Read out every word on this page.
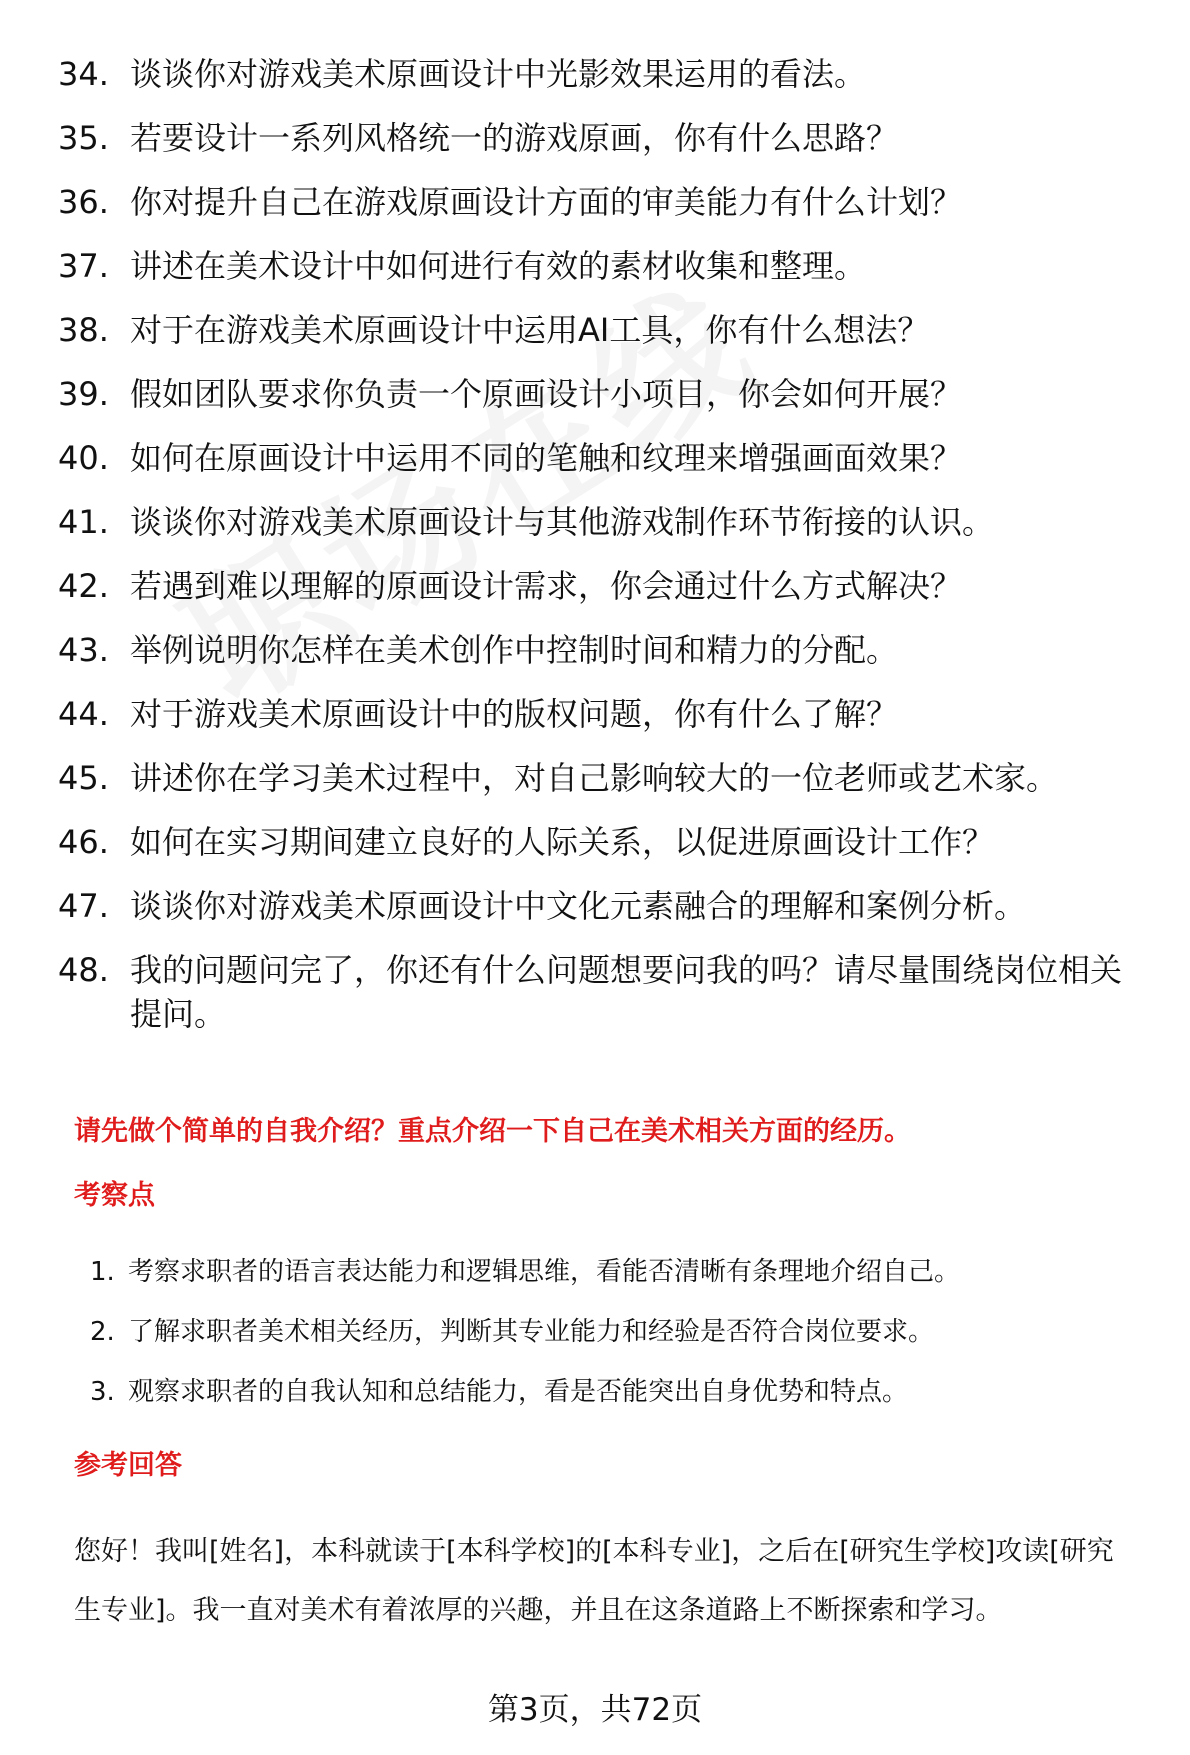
34. 谈谈你对游戏美术原画设计中光影效果运用的看法。
35. 若要设计一系列风格统一的游戏原画，你有什么思路？
36. 你对提升自己在游戏原画设计方面的审美能力有什么计划？
37. 讲述在美术设计中如何进行有效的素材收集和整理。
38. 对于在游戏美术原画设计中运用AI工具，你有什么想法？
39. 假如团队要求你负责一个原画设计小项目，你会如何开展？
40. 如何在原画设计中运用不同的笔触和纹理来增强画面效果？
41. 谈谈你对游戏美术原画设计与其他游戏制作环节衔接的认识。
42. 若遇到难以理解的原画设计需求，你会通过什么方式解决？
43. 举例说明你怎样在美术创作中控制时间和精力的分配。
44. 对于游戏美术原画设计中的版权问题，你有什么了解？
45. 讲述你在学习美术过程中，对自己影响较大的一位老师或艺术家。
46. 如何在实习期间建立良好的人际关系，以促进原画设计工作？
47. 谈谈你对游戏美术原画设计中文化元素融合的理解和案例分析。
48. 我的问题问完了，你还有什么问题想要问我的吗？请尽量围绕岗位相关提问。
请先做个简单的自我介绍？重点介绍一下自己在美术相关方面的经历。
考察点
1. 考察求职者的语言表达能力和逻辑思维，看能否清晰有条理地介绍自己。
2. 了解求职者美术相关经历，判断其专业能力和经验是否符合岗位要求。
3. 观察求职者的自我认知和总结能力，看是否能突出自身优势和特点。
参考回答

您好！我叫[姓名]，本科就读于[本科学校]的[本科专业]，之后在[研究生学校]攻读[研究生专业]。我一直对美术有着浓厚的兴趣，并且在这条道路上不断探索和学习。

第3页，共72页
